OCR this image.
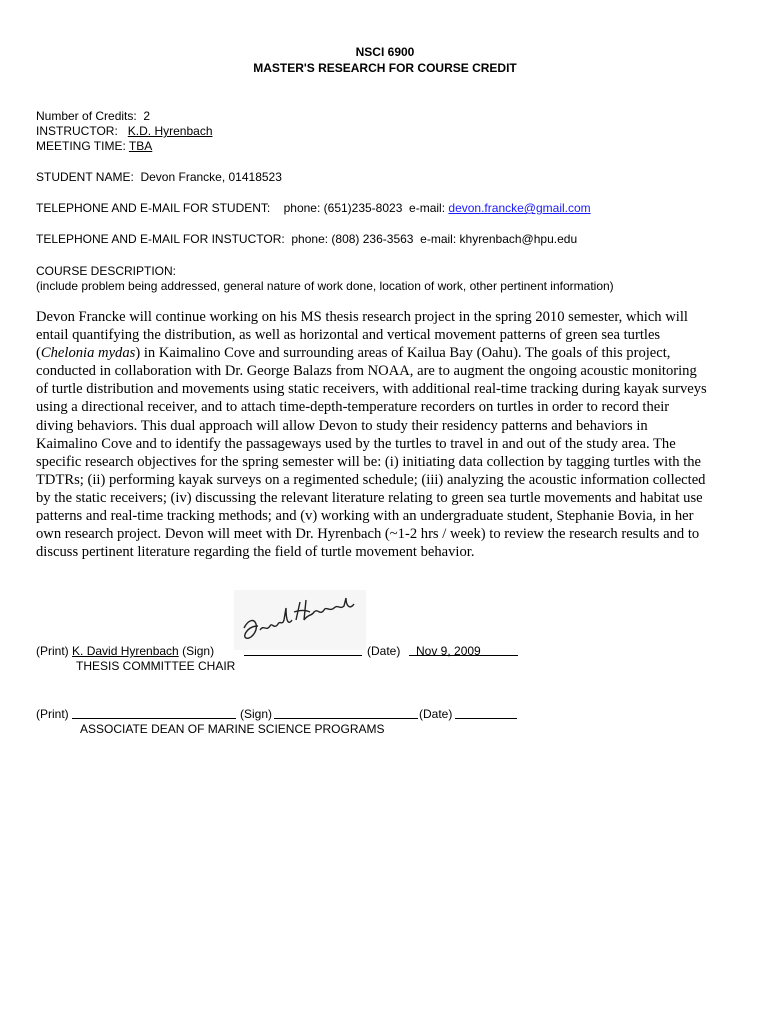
NSCI 6900
MASTER'S RESEARCH FOR COURSE CREDIT
Number of Credits: 2
INSTRUCTOR: K.D. Hyrenbach
MEETING TIME: TBA
STUDENT NAME: Devon Francke, 01418523
TELEPHONE AND E-MAIL FOR STUDENT: phone: (651)235-8023 e-mail: devon.francke@gmail.com
TELEPHONE AND E-MAIL FOR INSTUCTOR: phone: (808) 236-3563 e-mail: khyrenbach@hpu.edu
COURSE DESCRIPTION:
(include problem being addressed, general nature of work done, location of work, other pertinent information)
Devon Francke will continue working on his MS thesis research project in the spring 2010 semester, which will
entail quantifying the distribution, as well as horizontal and vertical movement patterns of green sea turtles
(Chelonia mydas) in Kaimalino Cove and surrounding areas of Kailua Bay (Oahu). The goals of this project,
conducted in collaboration with Dr. George Balazs from NOAA, are to augment the ongoing acoustic monitoring
of turtle distribution and movements using static receivers, with additional real-time tracking during kayak surveys
using a directional receiver, and to attach time-depth-temperature recorders on turtles in order to record their
diving behaviors. This dual approach will allow Devon to study their residency patterns and behaviors in
Kaimalino Cove and to identify the passageways used by the turtles to travel in and out of the study area. The
specific research objectives for the spring semester will be: (i) initiating data collection by tagging turtles with the
TDTRs; (ii) performing kayak surveys on a regimented schedule; (iii) analyzing the acoustic information collected
by the static receivers; (iv) discussing the relevant literature relating to green sea turtle movements and habitat use
patterns and real-time tracking methods; and (v) working with an undergraduate student, Stephanie Bovia, in her
own research project. Devon will meet with Dr. Hyrenbach (~1-2 hrs / week) to review the research results and to
discuss pertinent literature regarding the field of turtle movement behavior.
(Print) K. David Hyrenbach (Sign)	(Date) Nov 9, 2009
THESIS COMMITTEE CHAIR
(Print)	(Sign)	(Date)
ASSOCIATE DEAN OF MARINE SCIENCE PROGRAMS
